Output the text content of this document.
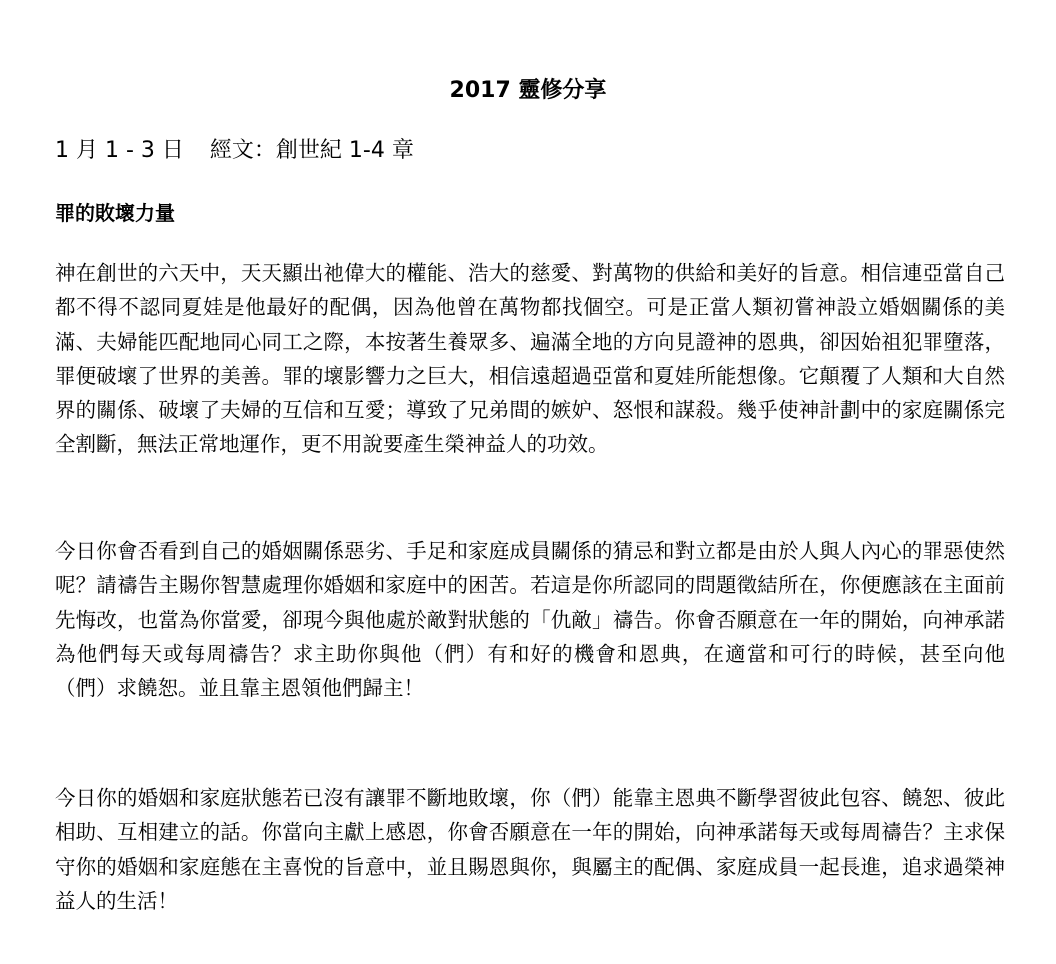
2017 靈修分享
1 月 1 - 3 日 經文：創世紀 1-4 章
罪的敗壞力量

神在創世的六天中，天天顯出祂偉大的權能、浩大的慈愛、對萬物的供給和美好的旨意。相信連亞當自己都不得不認同夏娃是他最好的配偶，因為他曾在萬物都找個空。可是正當人類初嘗神設立婚姻關係的美滿、夫婦能匹配地同心同工之際，本按著生養眾多、遍滿全地的方向見證神的恩典，卻因始祖犯罪墮落，罪便破壞了世界的美善。罪的壞影響力之巨大，相信遠超過亞當和夏娃所能想像。它顛覆了人類和大自然界的關係、破壞了夫婦的互信和互愛；導致了兄弟間的嫉妒、怒恨和謀殺。幾乎使神計劃中的家庭關係完全割斷，無法正常地運作，更不用說要產生榮神益人的功效。

今日你會否看到自己的婚姻關係惡劣、手足和家庭成員關係的猜忌和對立都是由於人與人內心的罪惡使然呢？請禱告主賜你智慧處理你婚姻和家庭中的困苦。若這是你所認同的問題徵結所在，你便應該在主面前先悔改，也當為你當愛，卻現今與他處於敵對狀態的「仇敵」禱告。你會否願意在一年的開始，向神承諾為他們每天或每周禱告？求主助你與他（們）有和好的機會和恩典，在適當和可行的時候，甚至向他（們）求饒恕。並且靠主恩領他們歸主！

今日你的婚姻和家庭狀態若已沒有讓罪不斷地敗壞，你（們）能靠主恩典不斷學習彼此包容、饒恕、彼此相助、互相建立的話。你當向主獻上感恩，你會否願意在一年的開始，向神承諾每天或每周禱告？主求保守你的婚姻和家庭態在主喜悅的旨意中，並且賜恩與你，與屬主的配偶、家庭成員一起長進，追求過榮神益人的生活！
